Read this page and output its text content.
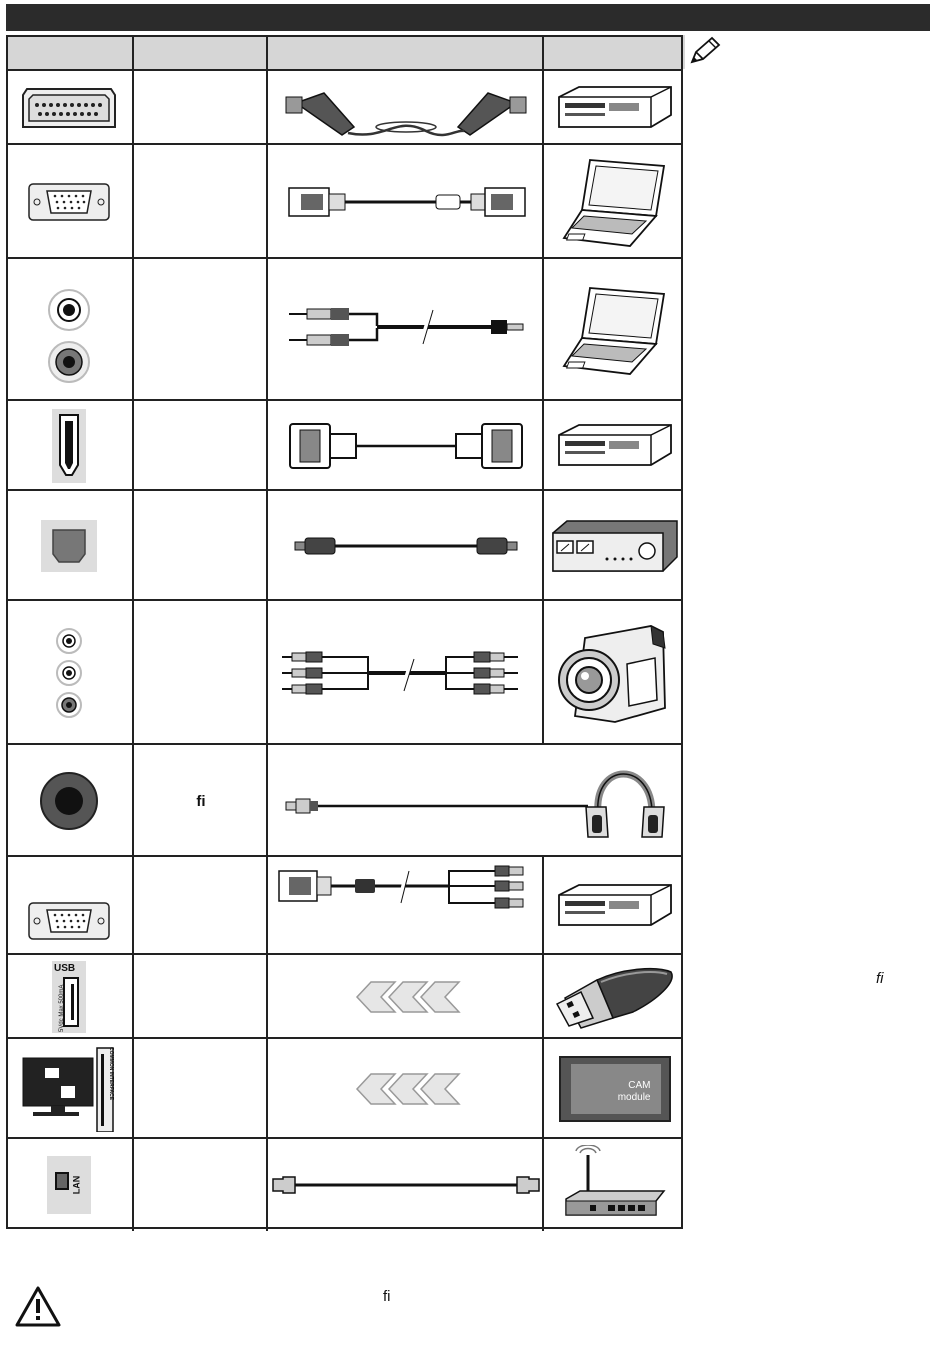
fi
USB
5Vdc Max 500mA
COMMON INTERFACE	CAM
module
LAN
fi
fi
